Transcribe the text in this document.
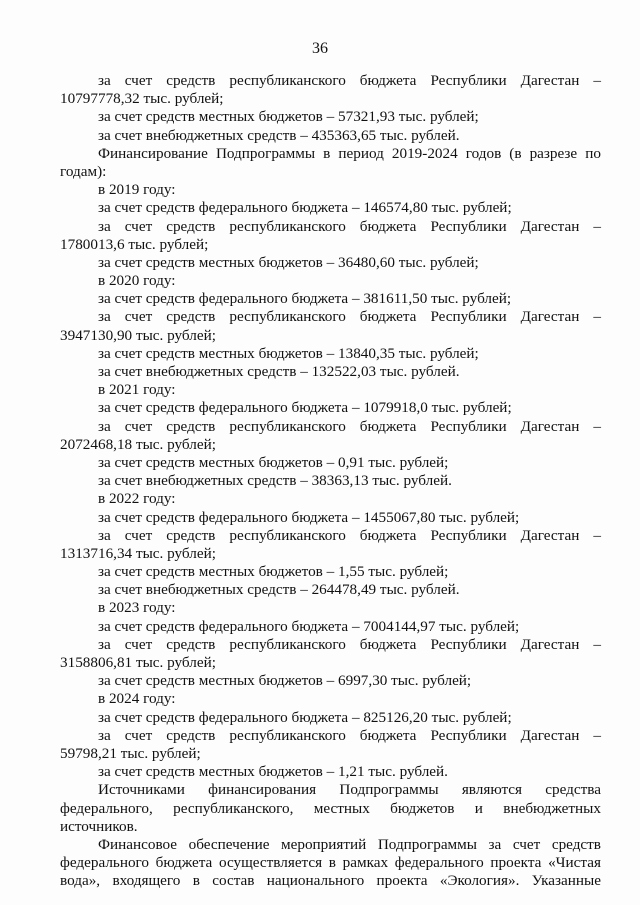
36
за счет средств республиканского бюджета Республики Дагестан –
10797778,32 тыс. рублей;
за счет средств местных бюджетов – 57321,93 тыс. рублей;
за счет внебюджетных средств – 435363,65 тыс. рублей.
Финансирование Подпрограммы в период 2019-2024 годов (в разрезе по
годам):
в 2019 году:
за счет средств федерального бюджета – 146574,80 тыс. рублей;
за счет средств республиканского бюджета Республики Дагестан –
1780013,6 тыс. рублей;
за счет средств местных бюджетов – 36480,60 тыс. рублей;
в 2020 году:
за счет средств федерального бюджета – 381611,50 тыс. рублей;
за счет средств республиканского бюджета Республики Дагестан –
3947130,90 тыс. рублей;
за счет средств местных бюджетов – 13840,35 тыс. рублей;
за счет внебюджетных средств – 132522,03 тыс. рублей.
в 2021 году:
за счет средств федерального бюджета – 1079918,0 тыс. рублей;
за счет средств республиканского бюджета Республики Дагестан –
2072468,18 тыс. рублей;
за счет средств местных бюджетов – 0,91 тыс. рублей;
за счет внебюджетных средств – 38363,13 тыс. рублей.
в 2022 году:
за счет средств федерального бюджета – 1455067,80 тыс. рублей;
за счет средств республиканского бюджета Республики Дагестан –
1313716,34 тыс. рублей;
за счет средств местных бюджетов – 1,55 тыс. рублей;
за счет внебюджетных средств – 264478,49 тыс. рублей.
в 2023 году:
за счет средств федерального бюджета – 7004144,97 тыс. рублей;
за счет средств республиканского бюджета Республики Дагестан –
3158806,81 тыс. рублей;
за счет средств местных бюджетов – 6997,30 тыс. рублей;
в 2024 году:
за счет средств федерального бюджета – 825126,20 тыс. рублей;
за счет средств республиканского бюджета Республики Дагестан –
59798,21 тыс. рублей;
за счет средств местных бюджетов – 1,21 тыс. рублей.
Источниками финансирования Подпрограммы являются средства
федерального, республиканского, местных бюджетов и внебюджетных
источников.
Финансовое обеспечение мероприятий Подпрограммы за счет средств
федерального бюджета осуществляется в рамках федерального проекта «Чистая
вода», входящего в состав национального проекта «Экология». Указанные
